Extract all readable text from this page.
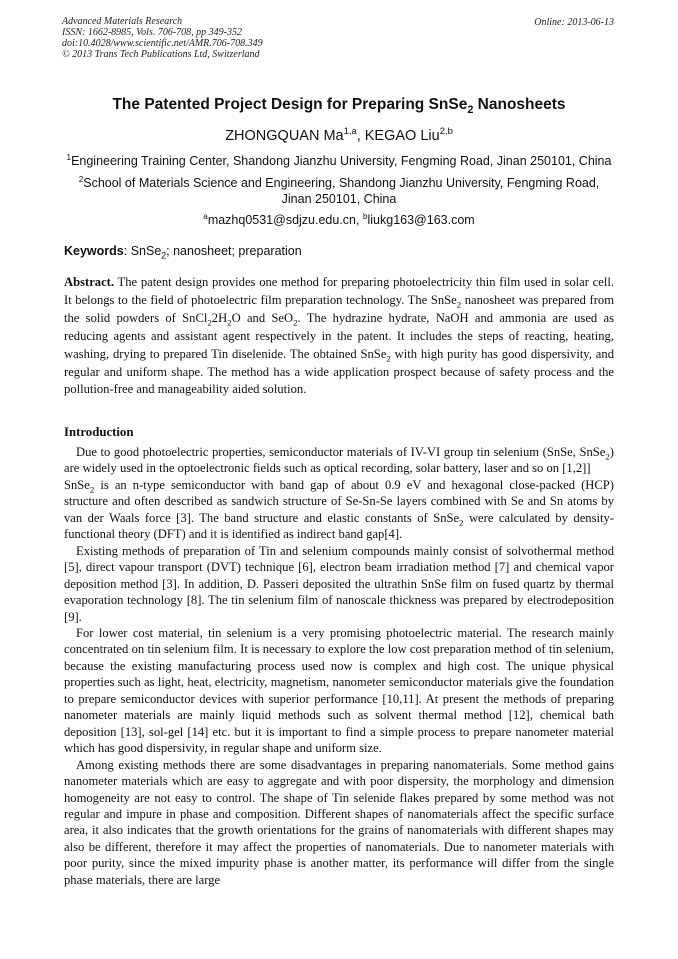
Advanced Materials Research
ISSN: 1662-8985, Vols. 706-708, pp 349-352
doi:10.4028/www.scientific.net/AMR.706-708.349
© 2013 Trans Tech Publications Ltd, Switzerland
Online: 2013-06-13
The Patented Project Design for Preparing SnSe$_2$ Nanosheets
ZHONGQUAN Ma$^{1,a}$, KEGAO Liu$^{2,b}$
$^1$Engineering Training Center, Shandong Jianzhu University, Fengming Road, Jinan 250101, China
$^2$School of Materials Science and Engineering, Shandong Jianzhu University, Fengming Road,
Jinan 250101, China
$^a$mazhq0531@sdjzu.edu.cn, $^b$liukg163@163.com
Keywords: SnSe$_2$; nanosheet; preparation
Abstract. The patent design provides one method for preparing photoelectricity thin film used in solar cell. It belongs to the field of photoelectric film preparation technology. The SnSe$_2$ nanosheet was prepared from the solid powders of $SnCl_22H_2O$ and SeO$_2$. The hydrazine hydrate, NaOH and ammonia are used as reducing agents and assistant agent respectively in the patent. It includes the steps of reacting, heating, washing, drying to prepared Tin diselenide. The obtained SnSe$_2$ with high purity has good dispersivity, and regular and uniform shape. The method has a wide application prospect because of safety process and the pollution-free and manageability aided solution.
Introduction

Due to good photoelectric properties, semiconductor materials of IV-VI group tin selenium (SnSe, SnSe$_2$) are widely used in the optoelectronic fields such as optical recording, solar battery, laser and so on [1,2]]

SnSe$_2$ is an n-type semiconductor with band gap of about 0.9 eV and hexagonal close-packed (HCP) structure and often described as sandwich structure of Se-Sn-Se layers combined with Se and Sn atoms by van der Waals force [3]. The band structure and elastic constants of SnSe$_2$ were calculated by density-functional theory (DFT) and it is identified as indirect band gap[4].

Existing methods of preparation of Tin and selenium compounds mainly consist of solvothermal method [5], direct vapour transport (DVT) technique [6], electron beam irradiation method [7] and chemical vapor deposition method [3]. In addition, D. Passeri deposited the ultrathin SnSe film on fused quartz by thermal evaporation technology [8]. The tin selenium film of nanoscale thickness was prepared by electrodeposition [9].

For lower cost material, tin selenium is a very promising photoelectric material. The research mainly concentrated on tin selenium film. It is necessary to explore the low cost preparation method of tin selenium, because the existing manufacturing process used now is complex and high cost. The unique physical properties such as light, heat, electricity, magnetism, nanometer semiconductor materials give the foundation to prepare semiconductor devices with superior performance [10,11]. At present the methods of preparing nanometer materials are mainly liquid methods such as solvent thermal method [12], chemical bath deposition [13], sol-gel [14] etc. but it is important to find a simple process to prepare nanometer material which has good dispersivity, in regular shape and uniform size.

Among existing methods there are some disadvantages in preparing nanomaterials. Some method gains nanometer materials which are easy to aggregate and with poor dispersity, the morphology and dimension homogeneity are not easy to control. The shape of Tin selenide flakes prepared by some method was not regular and impure in phase and composition. Different shapes of nanomaterials affect the specific surface area, it also indicates that the growth orientations for the grains of nanomaterials with different shapes may also be different, therefore it may affect the properties of nanomaterials. Due to nanometer materials with poor purity, since the mixed impurity phase is another matter, its performance will differ from the single phase materials, there are large
